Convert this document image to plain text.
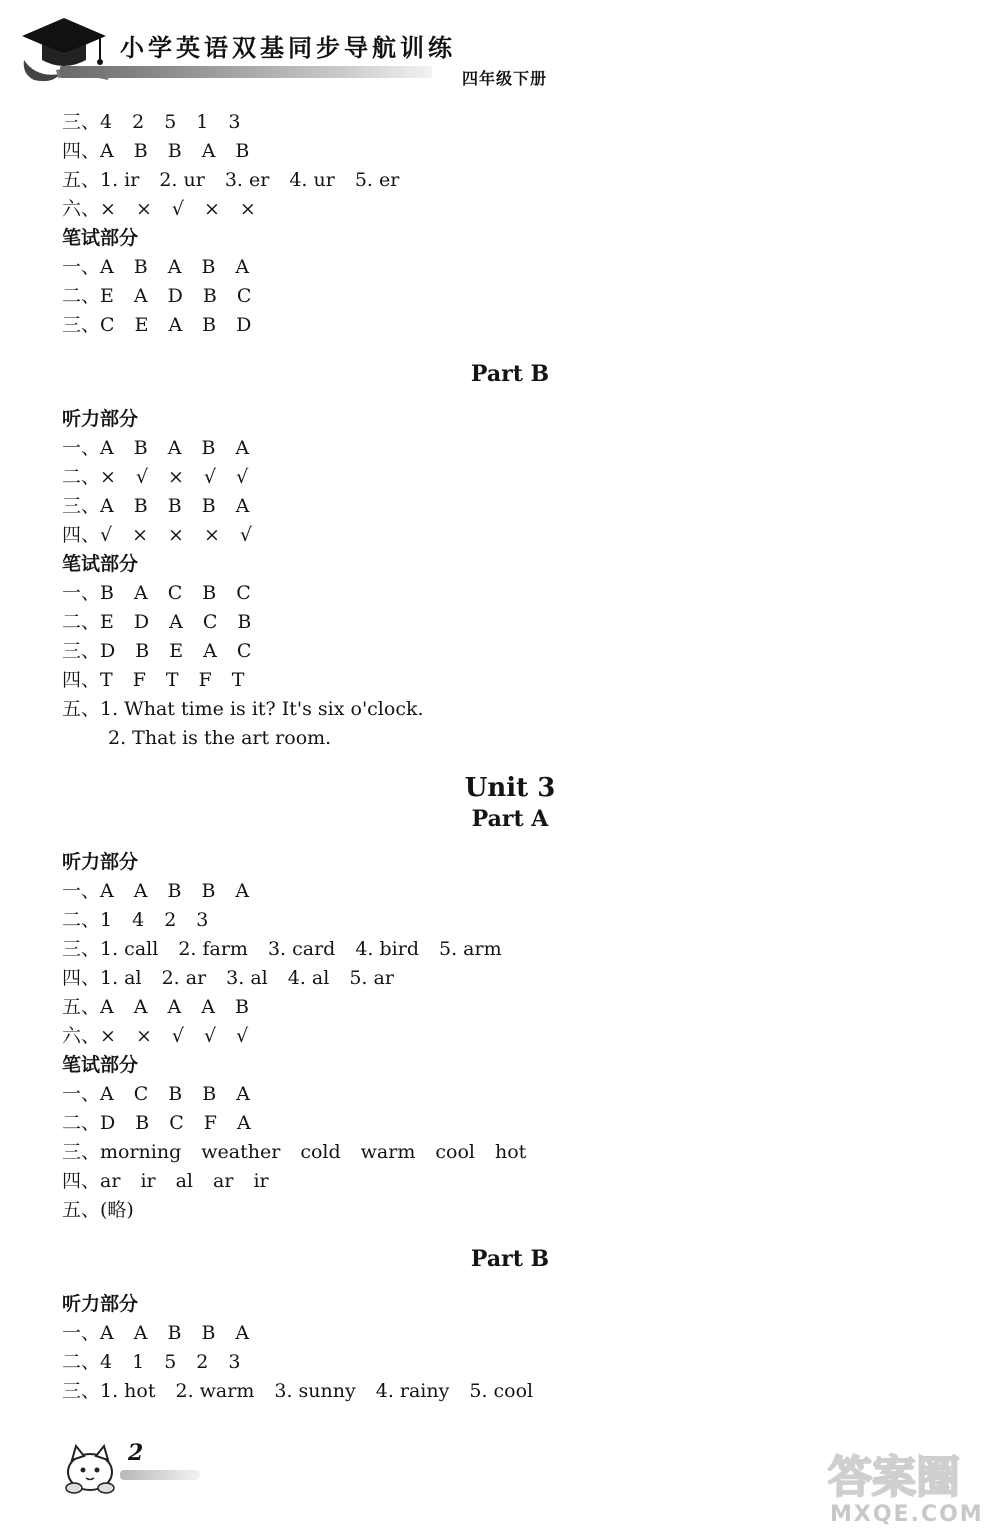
小学英语双基同步导航训练
四年级下册
三、4 2 5 1 3
四、A B B A B
五、1. ir 2. ur 3. er 4. ur 5. er
六、× × √ × ×
笔试部分
一、A B A B A
二、E A D B C
三、C E A B D
Part B
听力部分
一、A B A B A
二、× √ × √ √
三、A B B B A
四、√ × × × √
笔试部分
一、B A C B C
二、E D A C B
三、D B E A C
四、T F T F T
五、1. What time is it? It's six o'clock.
2. That is the art room.
Unit 3
Part A
听力部分
一、A A B B A
二、1 4 2 3
三、1. call 2. farm 3. card 4. bird 5. arm
四、1. al 2. ar 3. al 4. al 5. ar
五、A A A A B
六、× × √ √ √
笔试部分
一、A C B B A
二、D B C F A
三、morning weather cold warm cool hot
四、ar ir al ar ir
五、(略)
Part B
听力部分
一、A A B B A
二、4 1 5 2 3
三、1. hot 2. warm 3. sunny 4. rainy 5. cool
2	答案圈
MXQE.COM
